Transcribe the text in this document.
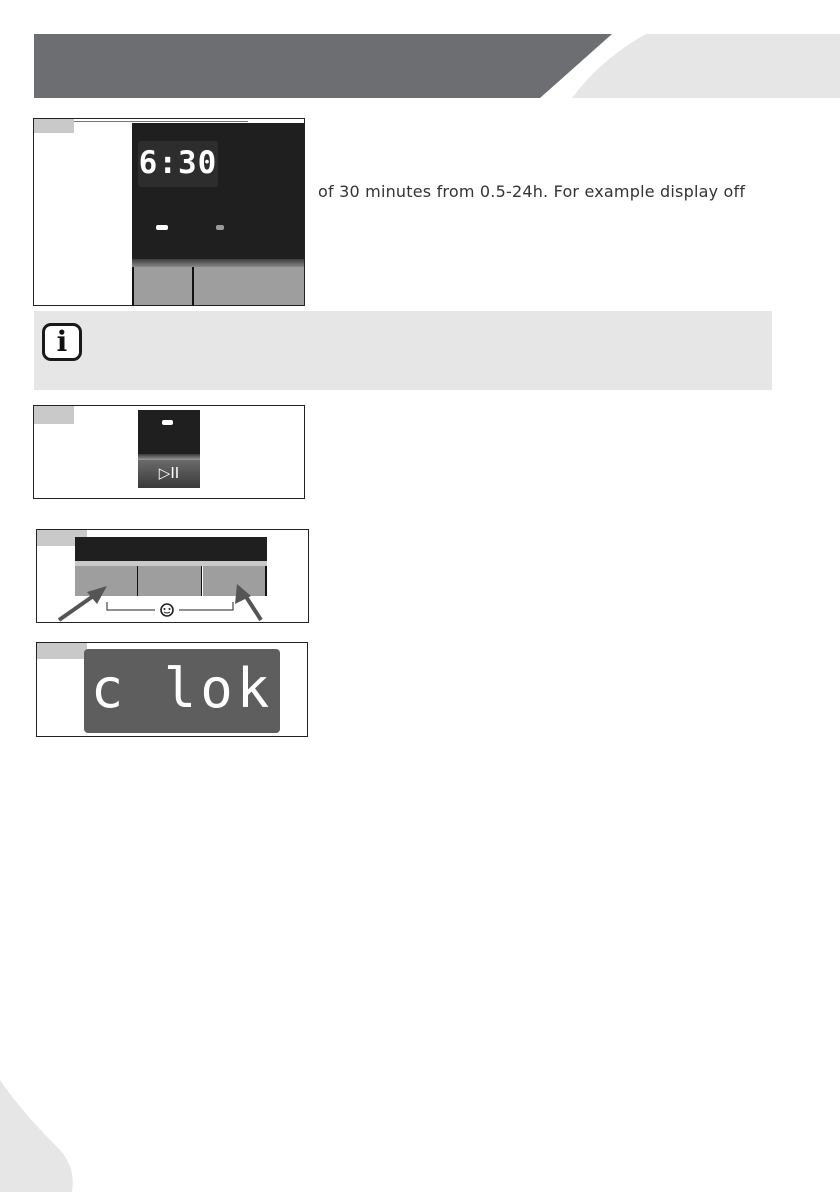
6:30
of 30 minutes from 0.5-24h. For example display off
i
▷II
c lok
